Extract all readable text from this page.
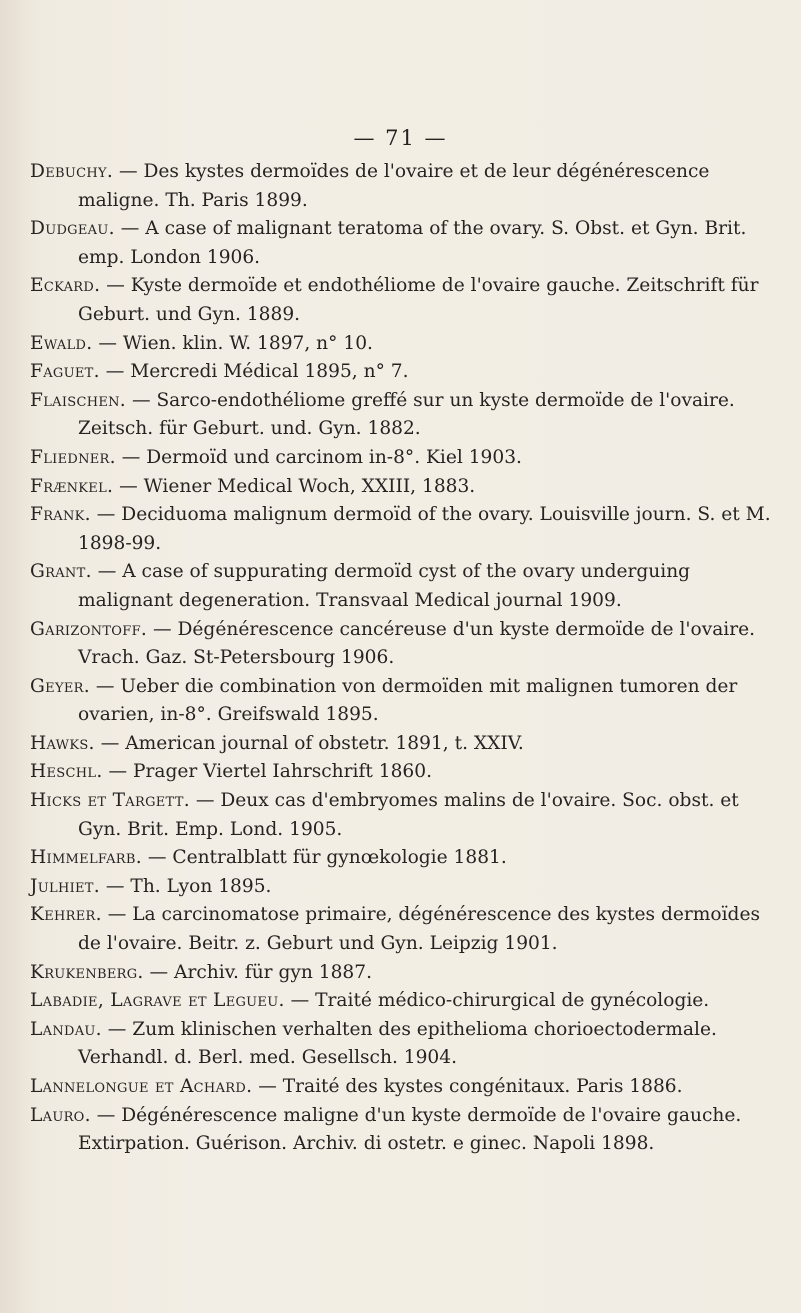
— 71 —

Debuchy. — Des kystes dermoïdes de l'ovaire et de leur dégénérescence maligne. Th. Paris 1899.

Dudgeau. — A case of malignant teratoma of the ovary. S. Obst. et Gyn. Brit. emp. London 1906.

Eckard. — Kyste dermoïde et endothéliome de l'ovaire gauche. Zeitschrift für Geburt. und Gyn. 1889.

Ewald. — Wien. klin. W. 1897, n° 10.

Faguet. — Mercredi Médical 1895, n° 7.

Flaischen. — Sarco-endothéliome greffé sur un kyste dermoïde de l'ovaire. Zeitsch. für Geburt. und. Gyn. 1882.

Fliedner. — Dermoïd und carcinom in-8°. Kiel 1903.

Frænkel. — Wiener Medical Woch, XXIII, 1883.

Frank. — Deciduoma malignum dermoïd of the ovary. Louisville journ. S. et M. 1898-99.

Grant. — A case of suppurating dermoïd cyst of the ovary underguing malignant degeneration. Transvaal Medical journal 1909.

Garizontoff. — Dégénérescence cancéreuse d'un kyste dermoïde de l'ovaire. Vrach. Gaz. St-Petersbourg 1906.

Geyer. — Ueber die combination von dermoïden mit malignen tumoren der ovarien, in-8°. Greifswald 1895.

Hawks. — American journal of obstetr. 1891, t. XXIV.

Heschl. — Prager Viertel Iahrschrift 1860.

Hicks et Targett. — Deux cas d'embryomes malins de l'ovaire. Soc. obst. et Gyn. Brit. Emp. Lond. 1905.

Himmelfarb. — Centralblatt für gynœkologie 1881.

Julhiet. — Th. Lyon 1895.

Kehrer. — La carcinomatose primaire, dégénérescence des kystes dermoïdes de l'ovaire. Beitr. z. Geburt und Gyn. Leipzig 1901.

Krukenberg. — Archiv. für gyn 1887.

Labadie, Lagrave et Legueu. — Traité médico-chirurgical de gynécologie.

Landau. — Zum klinischen verhalten des epithelioma chorioectodermale. Verhandl. d. Berl. med. Gesellsch. 1904.

Lannelongue et Achard. — Traité des kystes congénitaux. Paris 1886.

Lauro. — Dégénérescence maligne d'un kyste dermoïde de l'ovaire gauche. Extirpation. Guérison. Archiv. di ostetr. e ginec. Napoli 1898.
